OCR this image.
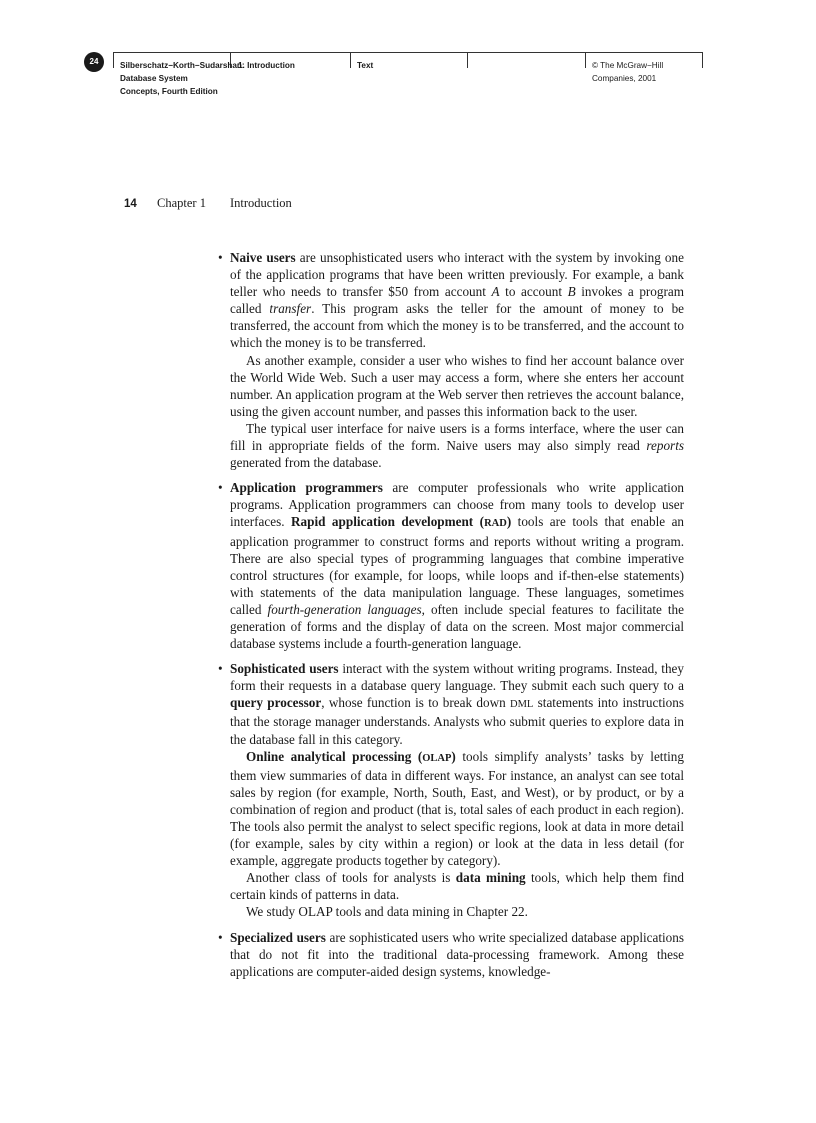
24	Silberschatz−Korth−Sudarshan:
Database System
Concepts, Fourth Edition
1. Introduction	Text	© The McGraw−Hill
Companies, 2001
14 Chapter 1 Introduction
• Naive users are unsophisticated users who interact with the system by invoking one of the application programs that have been written previously. For example, a bank teller who needs to transfer $50 from account A to account B invokes a program called transfer. This program asks the teller for the amount of money to be transferred, the account from which the money is to be transferred, and the account to which the money is to be transferred.

As another example, consider a user who wishes to find her account balance over the World Wide Web. Such a user may access a form, where she enters her account number. An application program at the Web server then retrieves the account balance, using the given account number, and passes this information back to the user.

The typical user interface for naive users is a forms interface, where the user can fill in appropriate fields of the form. Naive users may also simply read reports generated from the database.

• Application programmers are computer professionals who write application programs. Application programmers can choose from many tools to develop user interfaces. Rapid application development (RAD) tools are tools that enable an application programmer to construct forms and reports without writing a program. There are also special types of programming languages that combine imperative control structures (for example, for loops, while loops and if-then-else statements) with statements of the data manipulation language. These languages, sometimes called fourth-generation languages, often include special features to facilitate the generation of forms and the display of data on the screen. Most major commercial database systems include a fourth-generation language.

• Sophisticated users interact with the system without writing programs. Instead, they form their requests in a database query language. They submit each such query to a query processor, whose function is to break down DML statements into instructions that the storage manager understands. Analysts who submit queries to explore data in the database fall in this category.

Online analytical processing (OLAP) tools simplify analysts’ tasks by letting them view summaries of data in different ways. For instance, an analyst can see total sales by region (for example, North, South, East, and West), or by product, or by a combination of region and product (that is, total sales of each product in each region). The tools also permit the analyst to select specific regions, look at data in more detail (for example, sales by city within a region) or look at the data in less detail (for example, aggregate products together by category).

Another class of tools for analysts is data mining tools, which help them find certain kinds of patterns in data.

We study OLAP tools and data mining in Chapter 22.

• Specialized users are sophisticated users who write specialized database applications that do not fit into the traditional data-processing framework. Among these applications are computer-aided design systems, knowledge-
